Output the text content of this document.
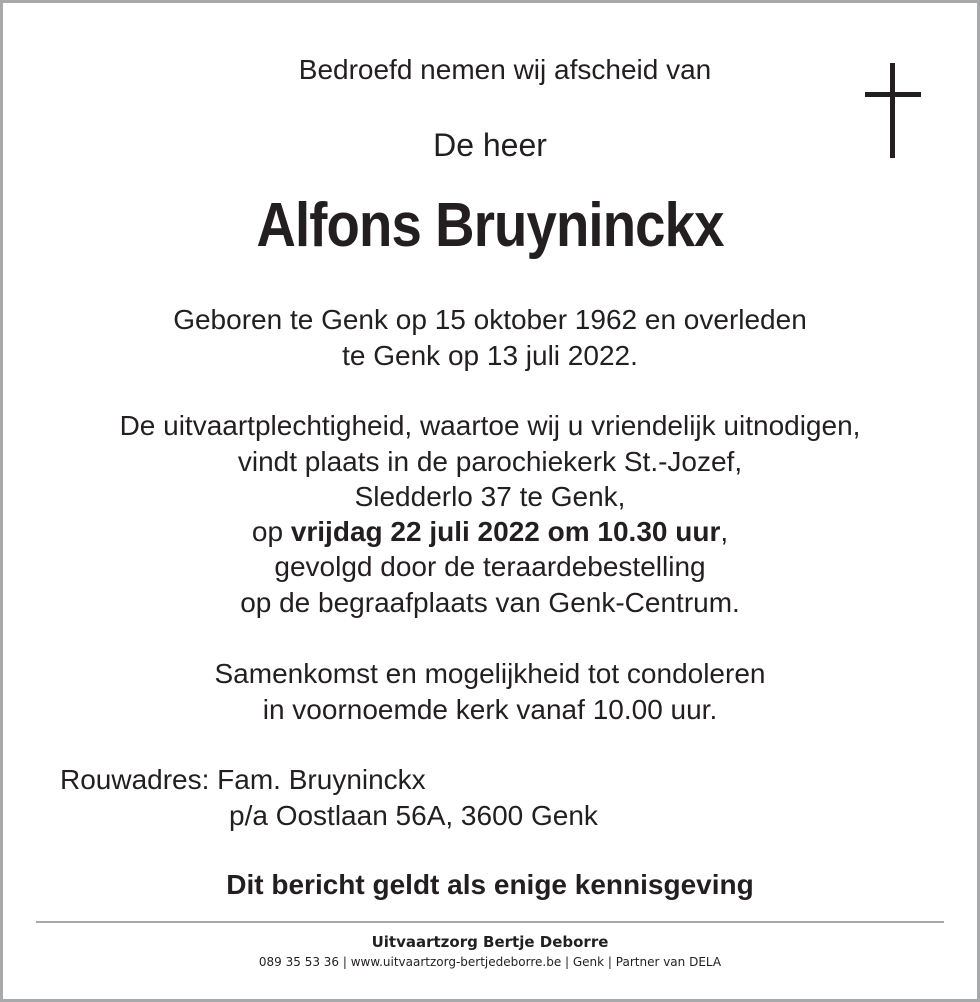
Bedroefd nemen wij afscheid van
De heer
Alfons Bruyninckx
Geboren te Genk op 15 oktober 1962 en overleden
te Genk op 13 juli 2022.
De uitvaartplechtigheid, waartoe wij u vriendelijk uitnodigen,
vindt plaats in de parochiekerk St.-Jozef,
Sledderlo 37 te Genk,
op vrijdag 22 juli 2022 om 10.30 uur,
gevolgd door de teraardebestelling
op de begraafplaats van Genk-Centrum.
Samenkomst en mogelijkheid tot condoleren
in voornoemde kerk vanaf 10.00 uur.
Rouwadres: Fam. Bruyninckx
p/a Oostlaan 56A, 3600 Genk
Dit bericht geldt als enige kennisgeving
Uitvaartzorg Bertje Deborre
089 35 53 36 | www.uitvaartzorg-bertjedeborre.be | Genk | Partner van DELA
